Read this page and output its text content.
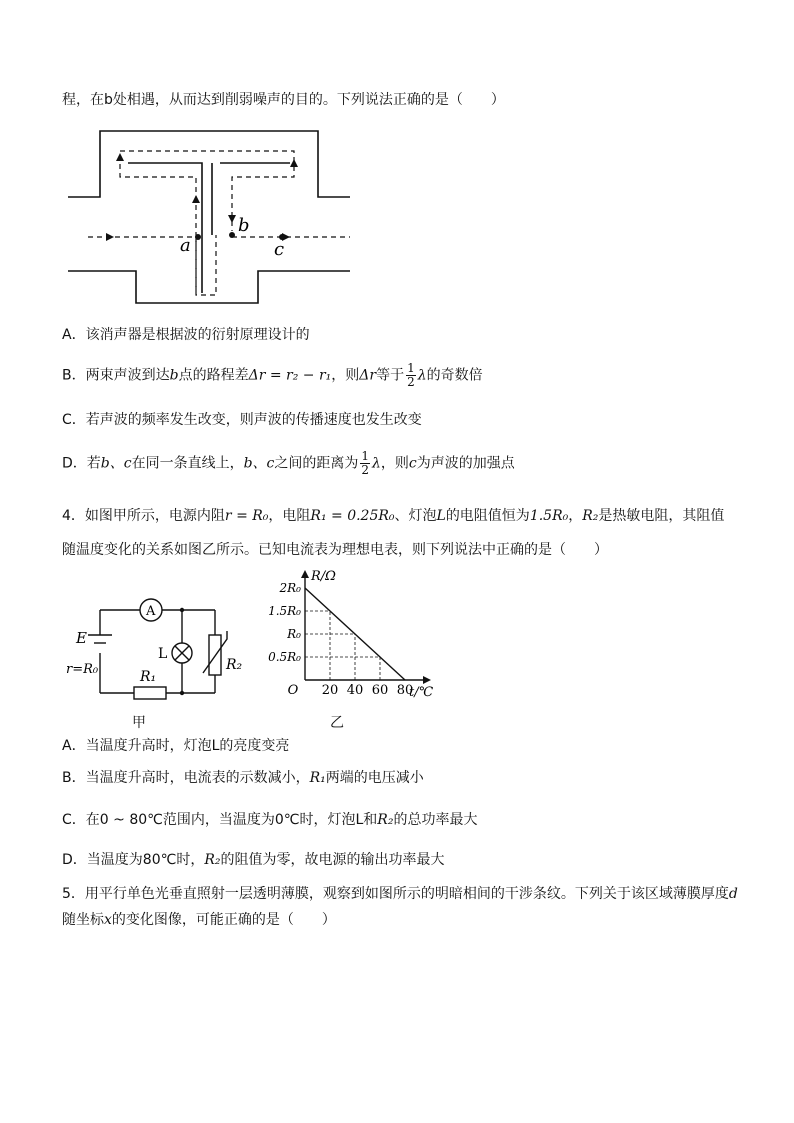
程，在b处相遇，从而达到削弱噪声的目的。下列说法正确的是（　　）
a
b
c
A．该消声器是根据波的衍射原理设计的
B．两束声波到达b点的路程差Δr = r₂ − r₁，则Δr等于 $\frac{1}{2}$ λ的奇数倍
C．若声波的频率发生改变，则声波的传播速度也发生改变
D．若b、c在同一条直线上，b、c之间的距离为 $\frac{1}{2}$ λ，则c为声波的加强点
4．如图甲所示，电源内阻r = R₀，电阻R₁ = 0.25R₀、灯泡L的电阻值恒为1.5R₀，R₂是热敏电阻，其阻值
随温度变化的关系如图乙所示。已知电流表为理想电表，则下列说法中正确的是（　　）
A
E
r=R₀
L
R₂
R₁
甲
20 40 60 80
2R₀
1.5R₀
R₀
0.5R₀
O
R/Ω
t/℃
乙
A．当温度升高时，灯泡L的亮度变亮
B．当温度升高时，电流表的示数减小，R₁两端的电压减小
C．在0 ~ 80℃范围内，当温度为0℃时，灯泡L和R₂的总功率最大
D．当温度为80℃时，R₂的阻值为零，故电源的输出功率最大
5．用平行单色光垂直照射一层透明薄膜，观察到如图所示的明暗相间的干涉条纹。下列关于该区域薄膜厚度d
随坐标x的变化图像，可能正确的是（　　）
